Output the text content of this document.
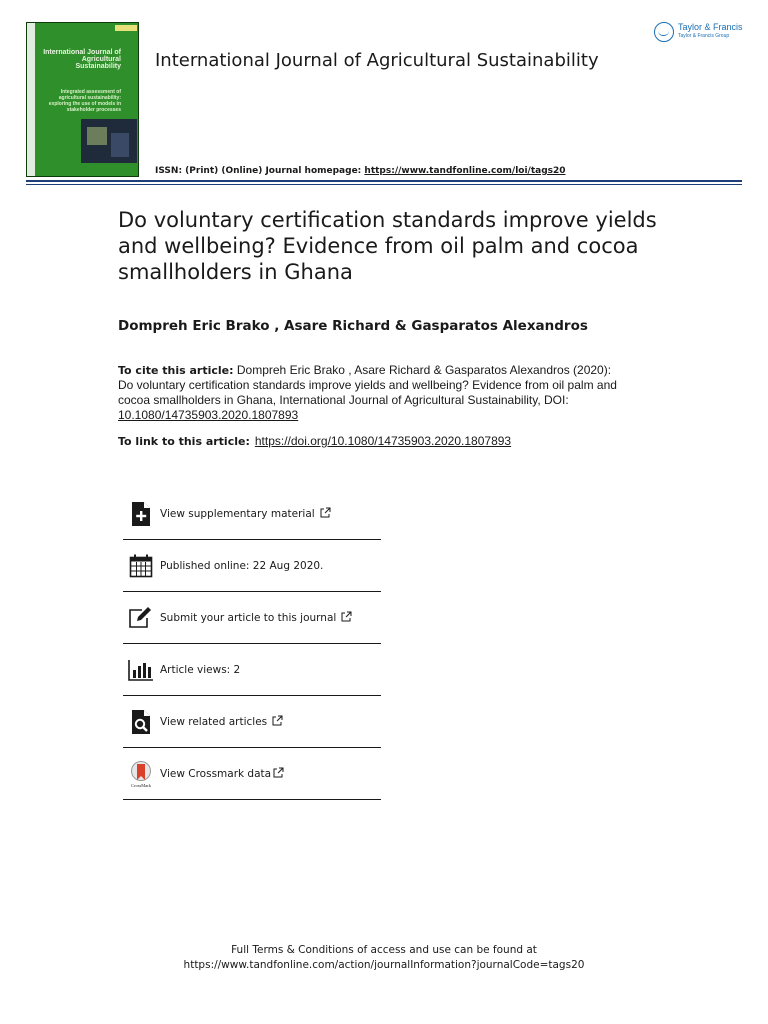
International Journal of Agricultural Sustainability
Integrated assessment of agricultural sustainability: exploring the use of models in stakeholder processes
International Journal of Agricultural Sustainability
ISSN: (Print) (Online) Journal homepage: https://www.tandfonline.com/loi/tags20
Taylor & Francis
Taylor & Francis Group
Do voluntary certification standards improve yields and wellbeing? Evidence from oil palm and cocoa smallholders in Ghana
Dompreh Eric Brako , Asare Richard & Gasparatos Alexandros
To cite this article: Dompreh Eric Brako , Asare Richard & Gasparatos Alexandros (2020): Do voluntary certification standards improve yields and wellbeing? Evidence from oil palm and cocoa smallholders in Ghana, International Journal of Agricultural Sustainability, DOI: 10.1080/14735903.2020.1807893
To link to this article: https://doi.org/10.1080/14735903.2020.1807893
View supplementary material
Published online: 22 Aug 2020.
Submit your article to this journal
Article views: 2
View related articles
CrossMark
View Crossmark data
Full Terms & Conditions of access and use can be found at
https://www.tandfonline.com/action/journalInformation?journalCode=tags20
